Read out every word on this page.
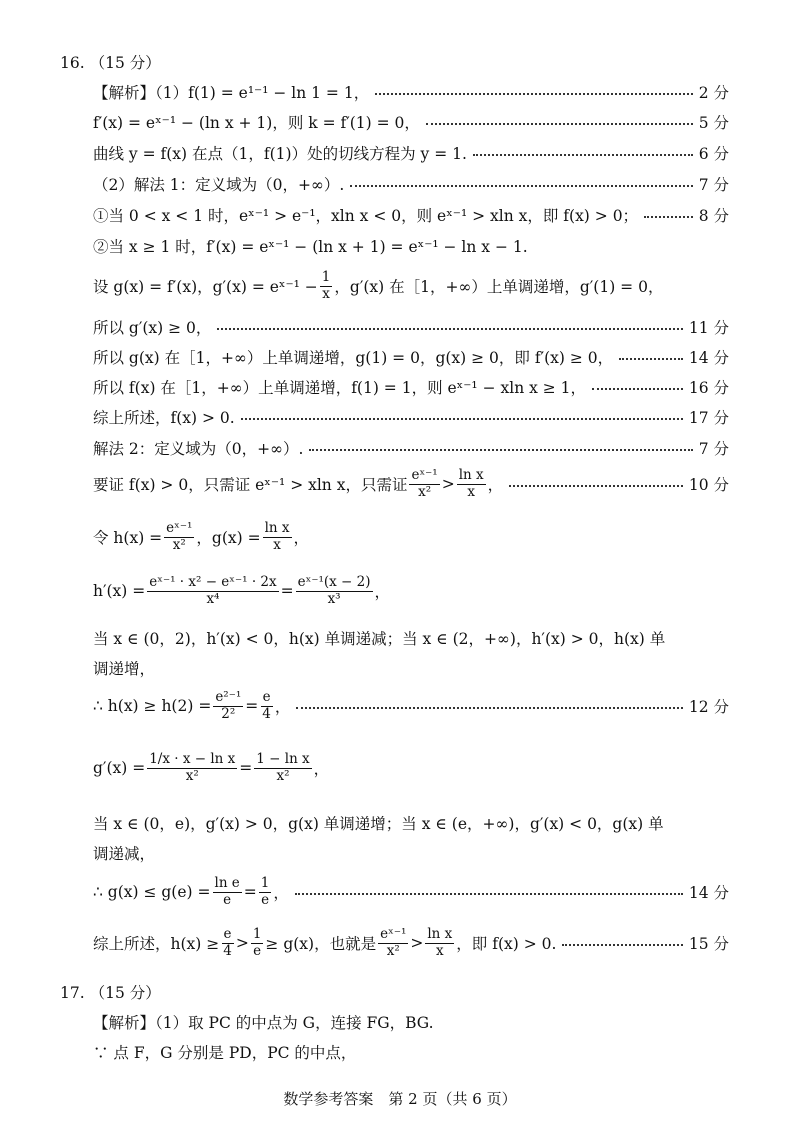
16. （15 分）
【解析】（1）f(1) = e¹⁻¹ − ln 1 = 1，	2 分
f′(x) = eˣ⁻¹ − (ln x + 1)，则 k = f′(1) = 0，	5 分
曲线 y = f(x) 在点（1，f(1)）处的切线方程为 y = 1.	6 分
（2）解法 1：定义域为（0，+∞）.	7 分
①当 0 < x < 1 时，eˣ⁻¹ > e⁻¹，xln x < 0，则 eˣ⁻¹ > xln x，即 f(x) > 0；	8 分
②当 x ≥ 1 时，f′(x) = eˣ⁻¹ − (ln x + 1) = eˣ⁻¹ − ln x − 1.
设 g(x) = f′(x)，g′(x) = eˣ⁻¹ − $\frac{1}{x}$ ，g′(x) 在［1，+∞）上单调递增，g′(1) = 0，
所以 g′(x) ≥ 0，	11 分
所以 g(x) 在［1，+∞）上单调递增，g(1) = 0，g(x) ≥ 0，即 f′(x) ≥ 0，	14 分
所以 f(x) 在［1，+∞）上单调递增，f(1) = 1，则 eˣ⁻¹ − xln x ≥ 1，	16 分
综上所述，f(x) > 0.	17 分
解法 2：定义域为（0，+∞）.	7 分
要证 f(x) > 0，只需证 eˣ⁻¹ > xln x，只需证 $\frac{\text{eˣ⁻¹}}{\text{x²}} > \frac{\text{ln x}}{x}$ ，	10 分
令 $h(x) = \frac{\text{eˣ⁻¹}}{\text{x²}}$ ，$g(x) = \frac{\text{ln x}}{x}$ ，
$h'(x) = \frac{\text{eˣ⁻¹ · x² − eˣ⁻¹ · 2x}}{\text{x⁴}} = \frac{\text{eˣ⁻¹(x − 2)}}{\text{x³}}$ ，
当 x ∈ (0，2)，h′(x) < 0，h(x) 单调递减；当 x ∈ (2，+∞)，h′(x) > 0，h(x) 单
调递增，
∴ $h(x) \ge h(2) = \frac{\text{e²⁻¹}}{\text{2²}} = \frac{e}{4}$ ，	12 分
$g'(x) = \frac{\text{1/x · x − ln x}}{\text{x²}} = \frac{\text{1 − ln x}}{\text{x²}}$ ，
当 x ∈ (0，e)，g′(x) > 0，g(x) 单调递增；当 x ∈ (e，+∞)，g′(x) < 0，g(x) 单
调递减，
∴ $g(x) \le g(e) = \frac{\text{ln e}}{e} = \frac{1}{e}$ ，	14 分
综上所述，$h(x) \ge \frac{e}{4} > \frac{1}{e} \ge g(x)$，也就是 $\frac{\text{eˣ⁻¹}}{\text{x²}} > \frac{\text{ln x}}{x}$ ，即 f(x) > 0.	15 分
17. （15 分）
【解析】（1）取 PC 的中点为 G，连接 FG，BG.
∵ 点 F，G 分别是 PD，PC 的中点，
数学参考答案　第 2 页（共 6 页）
